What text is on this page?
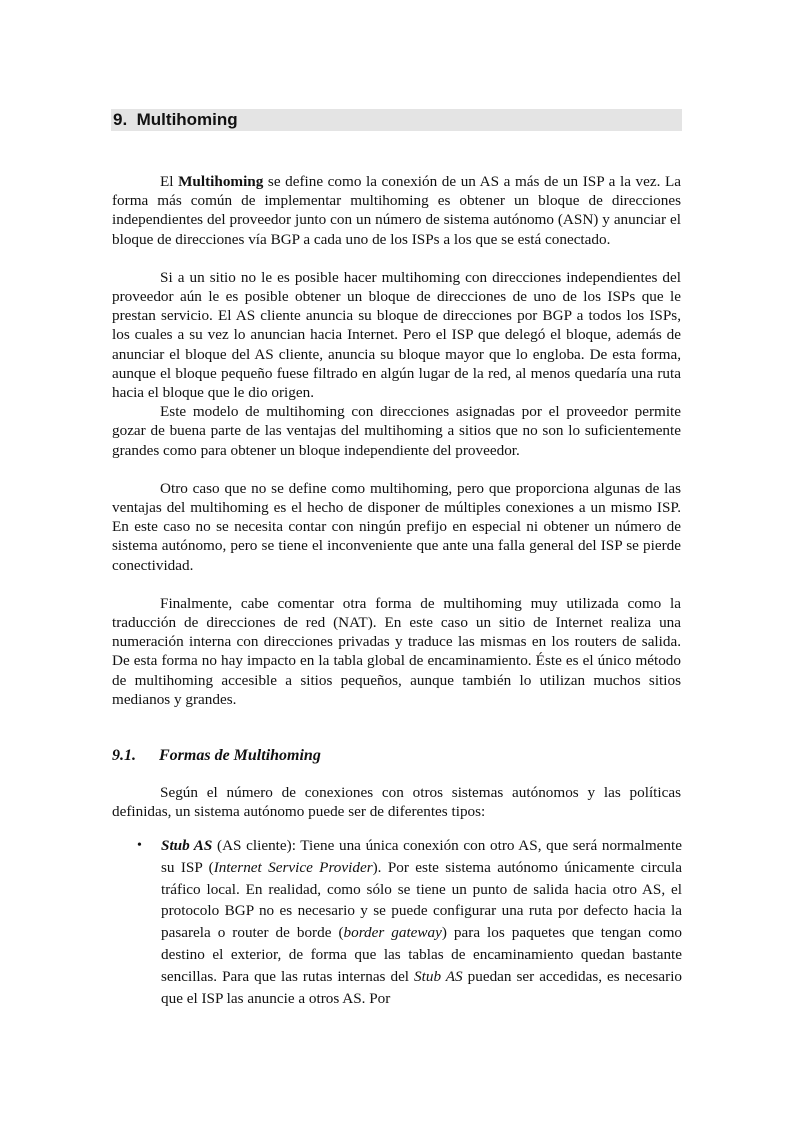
9. Multihoming

El Multihoming se define como la conexión de un AS a más de un ISP a la vez. La forma más común de implementar multihoming es obtener un bloque de direcciones independientes del proveedor junto con un número de sistema autónomo (ASN) y anunciar el bloque de direcciones vía BGP a cada uno de los ISPs a los que se está conectado.

Si a un sitio no le es posible hacer multihoming con direcciones independientes del proveedor aún le es posible obtener un bloque de direcciones de uno de los ISPs que le prestan servicio. El AS cliente anuncia su bloque de direcciones por BGP a todos los ISPs, los cuales a su vez lo anuncian hacia Internet. Pero el ISP que delegó el bloque, además de anunciar el bloque del AS cliente, anuncia su bloque mayor que lo engloba. De esta forma, aunque el bloque pequeño fuese filtrado en algún lugar de la red, al menos quedaría una ruta hacia el bloque que le dio origen.

Este modelo de multihoming con direcciones asignadas por el proveedor permite gozar de buena parte de las ventajas del multihoming a sitios que no son lo suficientemente grandes como para obtener un bloque independiente del proveedor.

Otro caso que no se define como multihoming, pero que proporciona algunas de las ventajas del multihoming es el hecho de disponer de múltiples conexiones a un mismo ISP. En este caso no se necesita contar con ningún prefijo en especial ni obtener un número de sistema autónomo, pero se tiene el inconveniente que ante una falla general del ISP se pierde conectividad.

Finalmente, cabe comentar otra forma de multihoming muy utilizada como la traducción de direcciones de red (NAT). En este caso un sitio de Internet realiza una numeración interna con direcciones privadas y traduce las mismas en los routers de salida. De esta forma no hay impacto en la tabla global de encaminamiento. Éste es el único método de multihoming accesible a sitios pequeños, aunque también lo utilizan muchos sitios medianos y grandes.

9.1. Formas de Multihoming

Según el número de conexiones con otros sistemas autónomos y las políticas definidas, un sistema autónomo puede ser de diferentes tipos:

• Stub AS (AS cliente): Tiene una única conexión con otro AS, que será normalmente su ISP (Internet Service Provider). Por este sistema autónomo únicamente circula tráfico local. En realidad, como sólo se tiene un punto de salida hacia otro AS, el protocolo BGP no es necesario y se puede configurar una ruta por defecto hacia la pasarela o router de borde (border gateway) para los paquetes que tengan como destino el exterior, de forma que las tablas de encaminamiento quedan bastante sencillas. Para que las rutas internas del Stub AS puedan ser accedidas, es necesario que el ISP las anuncie a otros AS. Por
